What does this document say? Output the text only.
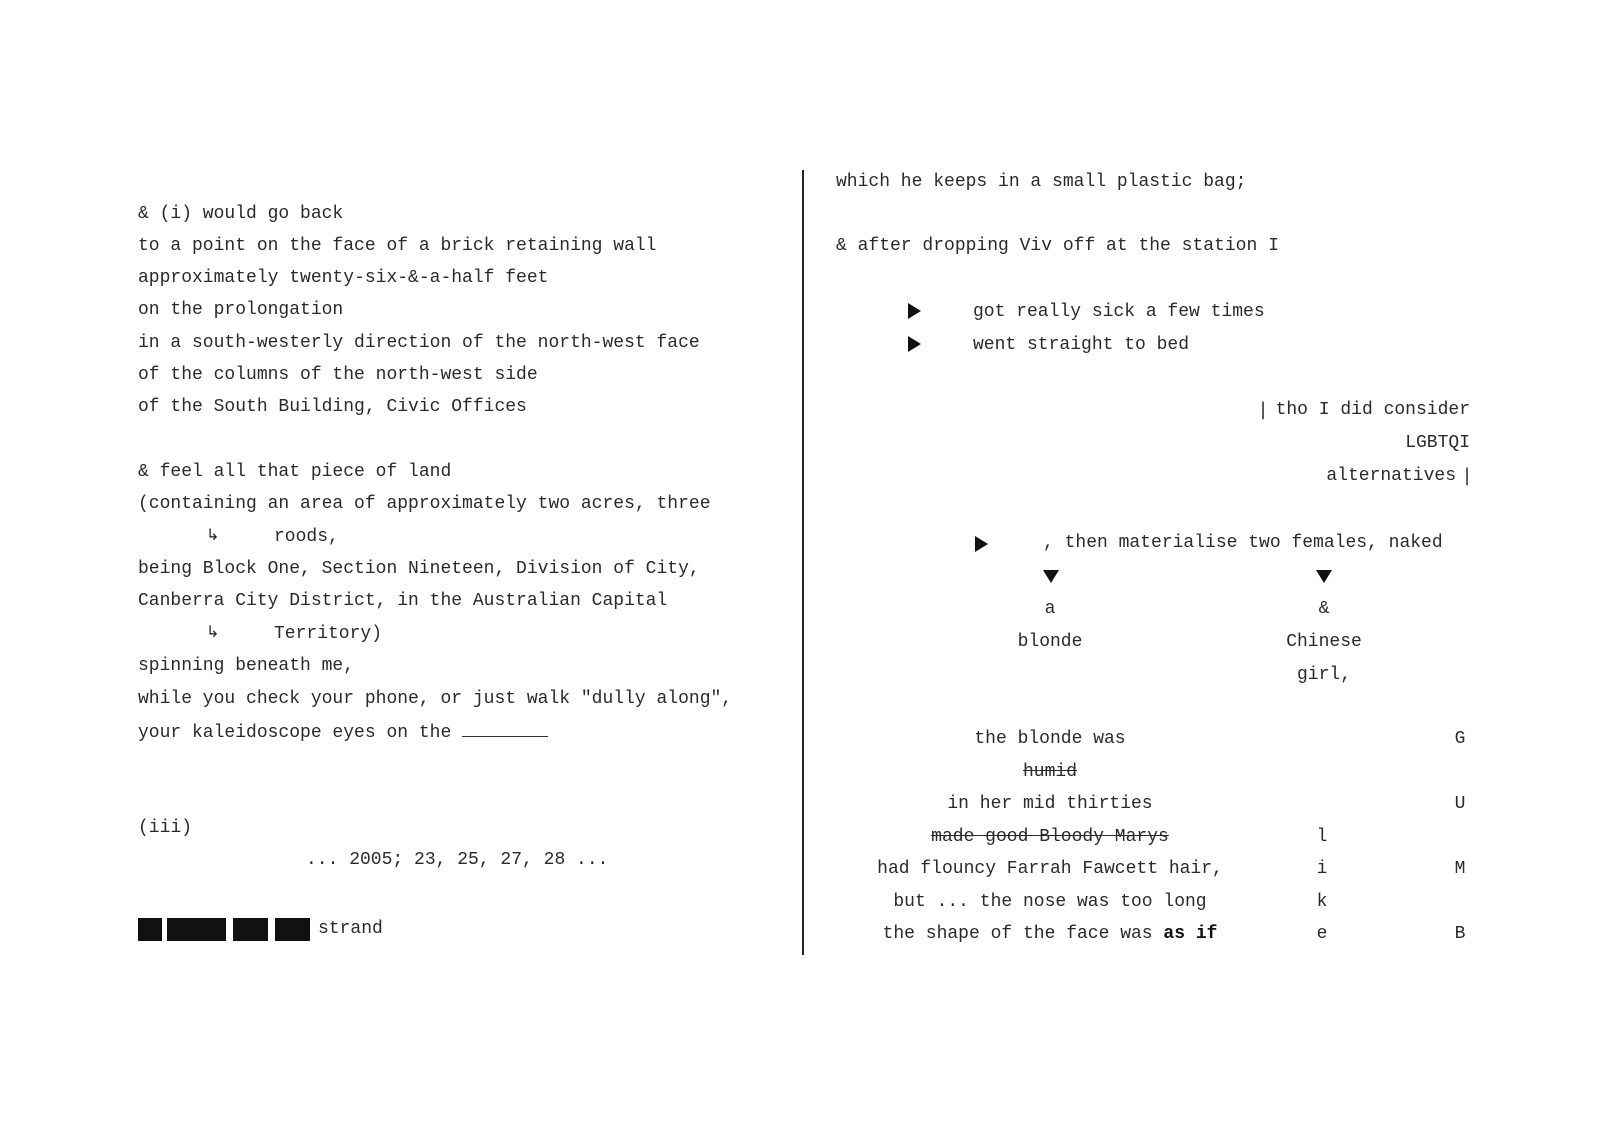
& (i) would go back
to a point on the face of a brick retaining wall
approximately twenty-six-&-a-half feet
on the prolongation
in a south-westerly direction of the north-west face
of the columns of the north-west side
of the South Building, Civic Offices
& feel all that piece of land
(containing an area of approximately two acres, three
↳	roods,
being Block One, Section Nineteen, Division of City,
Canberra City District, in the Australian Capital
↳	Territory)
spinning beneath me,
while you check your phone, or just walk "dully along",
your kaleidoscope eyes on the
(iii)
... 2005; 23, 25, 27, 28 ...
strand
which he keeps in a small plastic bag;
& after dropping Viv off at the station I
got really sick a few times
went straight to bed
| tho I did consider
LGBTQI
alternatives |
, then materialise two females, naked
a
blonde
&
Chinese
girl,
the blonde was
humid
in her mid thirties
made good Bloody Marys
had flouncy Farrah Fawcett hair,
but ... the nose was too long
the shape of the face was as if
l
i
k
e
G
U
M
B
